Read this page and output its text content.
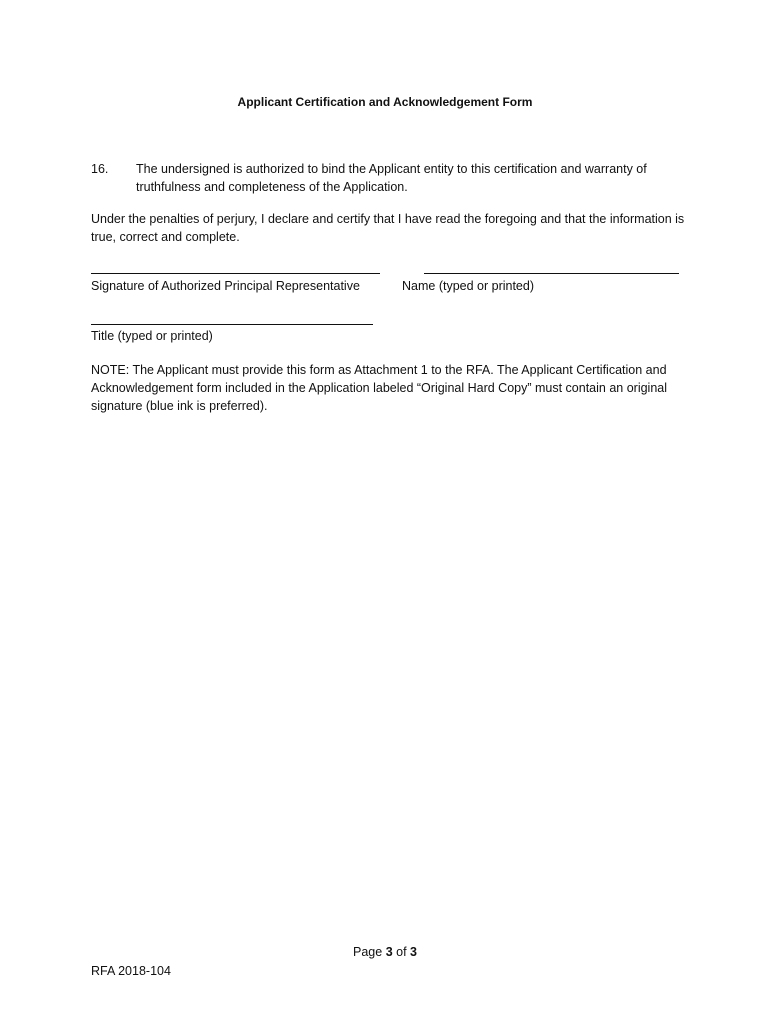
Applicant Certification and Acknowledgement Form
16. The undersigned is authorized to bind the Applicant entity to this certification and warranty of truthfulness and completeness of the Application.
Under the penalties of perjury, I declare and certify that I have read the foregoing and that the information is true, correct and complete.
Signature of Authorized Principal Representative	Name (typed or printed)
Title (typed or printed)
NOTE: The Applicant must provide this form as Attachment 1 to the RFA. The Applicant Certification and Acknowledgement form included in the Application labeled “Original Hard Copy” must contain an original signature (blue ink is preferred).
Page 3 of 3
RFA 2018-104
